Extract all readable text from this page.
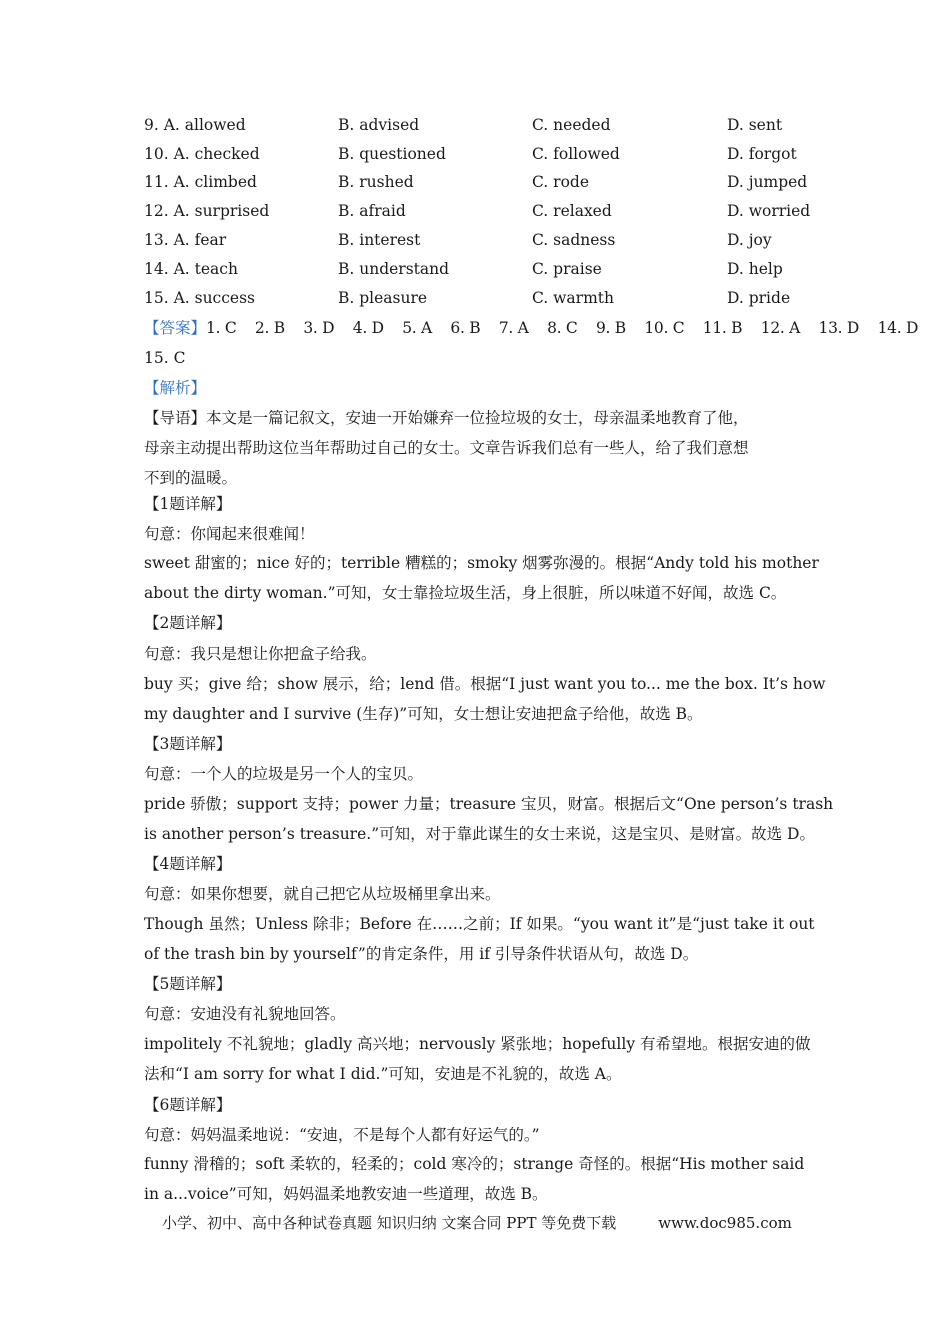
9. A. allowed	B. advised	C. needed	D. sent
10. A. checked	B. questioned	C. followed	D. forgot
11. A. climbed	B. rushed	C. rode	D. jumped
12. A. surprised	B. afraid	C. relaxed	D. worried
13. A. fear	B. interest	C. sadness	D. joy
14. A. teach	B. understand	C. praise	D. help
15. A. success	B. pleasure	C. warmth	D. pride
【答案】1. C    2. B    3. D    4. D    5. A    6. B    7. A    8. C    9. B    10. C    11. B    12. A    13. D    14. D
15. C
【解析】
【导语】本文是一篇记叙文，安迪一开始嫌弃一位捡垃圾的女士，母亲温柔地教育了他，
母亲主动提出帮助这位当年帮助过自己的女士。文章告诉我们总有一些人，给了我们意想
不到的温暖。
【1题详解】
句意：你闻起来很难闻！
sweet 甜蜜的；nice 好的；terrible 糟糕的；smoky 烟雾弥漫的。根据“Andy told his mother
about the dirty woman.”可知，女士靠捡垃圾生活，身上很脏，所以味道不好闻，故选 C。
【2题详解】
句意：我只是想让你把盒子给我。
buy 买；give 给；show 展示，给；lend 借。根据“I just want you to... me the box. It’s how
my daughter and I survive (生存)”可知，女士想让安迪把盒子给他，故选 B。
【3题详解】
句意：一个人的垃圾是另一个人的宝贝。
pride 骄傲；support 支持；power 力量；treasure 宝贝，财富。根据后文“One person’s trash
is another person’s treasure.”可知，对于靠此谋生的女士来说，这是宝贝、是财富。故选 D。
【4题详解】
句意：如果你想要，就自己把它从垃圾桶里拿出来。
Though 虽然；Unless 除非；Before 在……之前；If 如果。“you want it”是“just take it out
of the trash bin by yourself”的肯定条件，用 if 引导条件状语从句，故选 D。
【5题详解】
句意：安迪没有礼貌地回答。
impolitely 不礼貌地；gladly 高兴地；nervously 紧张地；hopefully 有希望地。根据安迪的做
法和“I am sorry for what I did.”可知，安迪是不礼貌的，故选 A。
【6题详解】
句意：妈妈温柔地说：“安迪，不是每个人都有好运气的。”
funny 滑稽的；soft 柔软的，轻柔的；cold 寒冷的；strange 奇怪的。根据“His mother said
in a...voice”可知，妈妈温柔地教安迪一些道理，故选 B。
小学、初中、高中各种试卷真题 知识归纳 文案合同 PPT 等免费下载	www.doc985.com
